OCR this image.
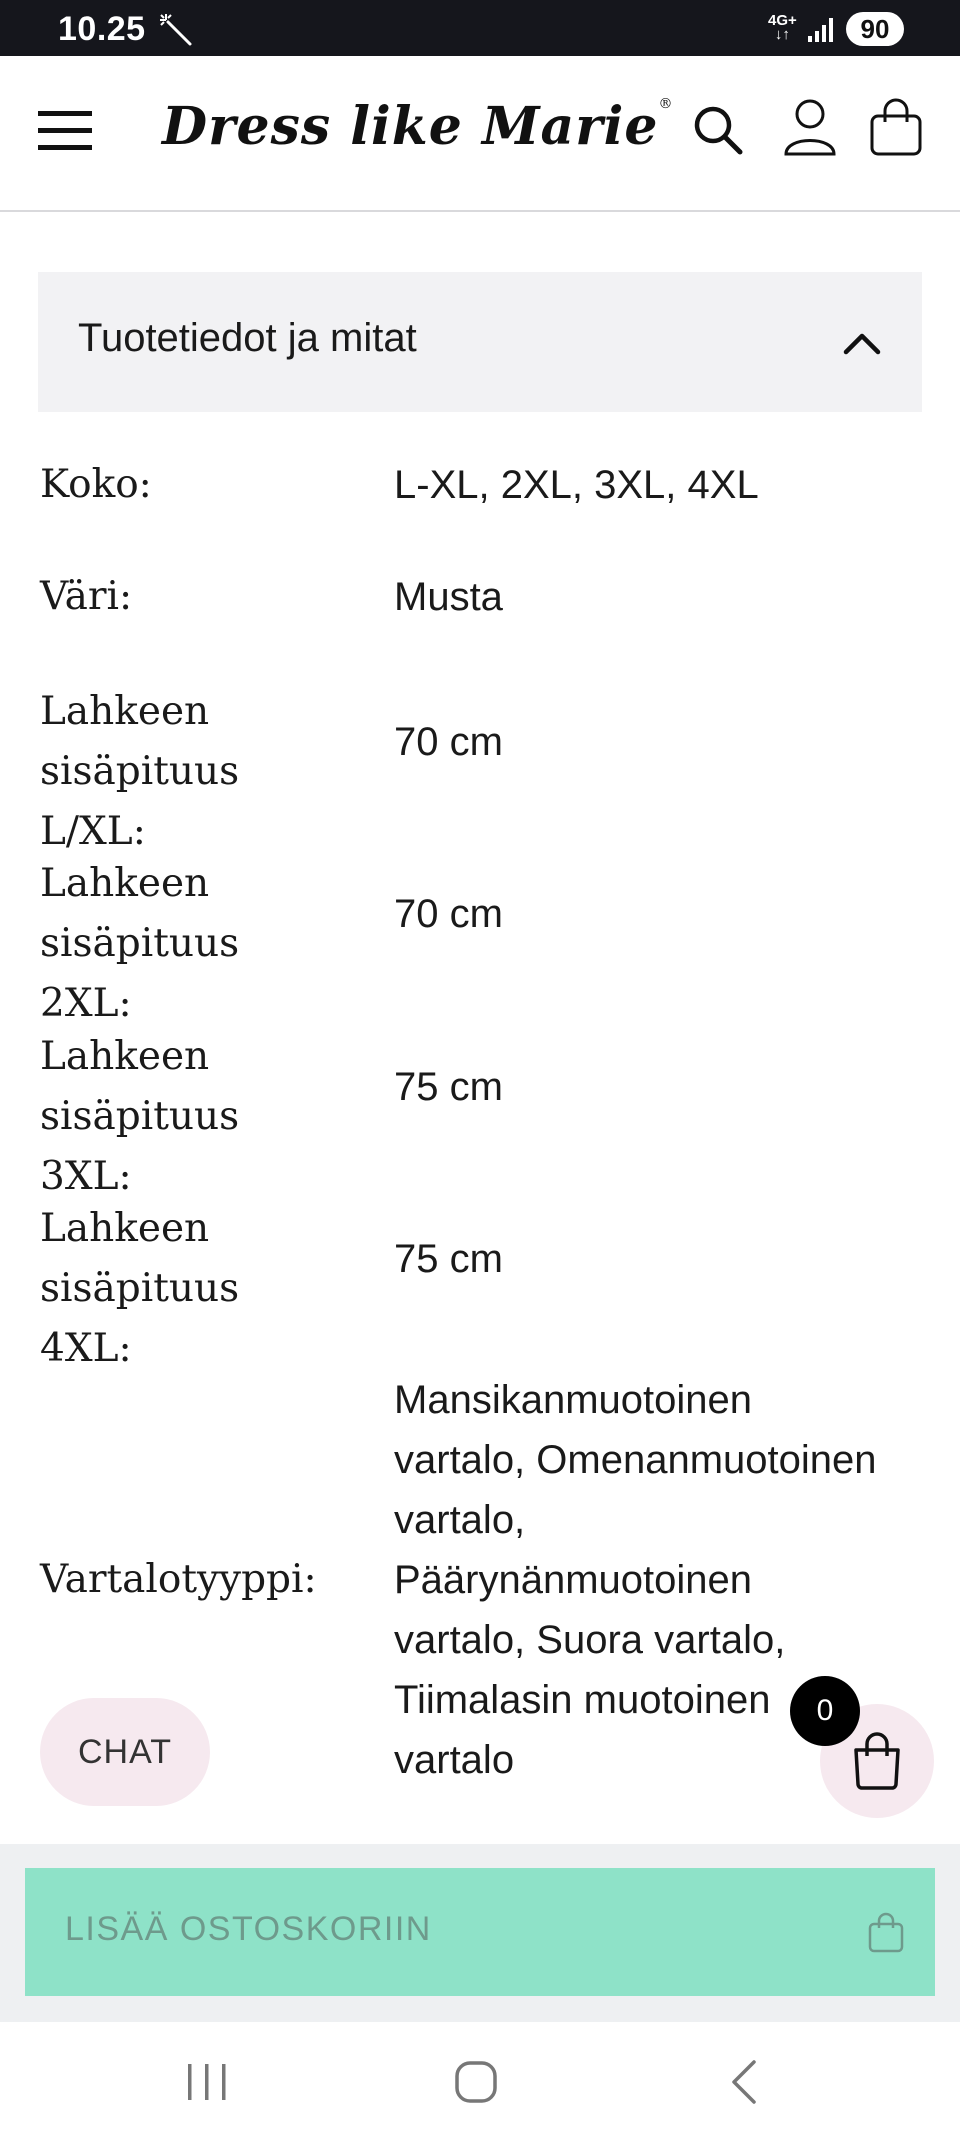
10.25	4G+
↓↑	90
Dress like Marie®
Tuotetiedot ja mitat
Koko:	L-XL, 2XL, 3XL, 4XL
Väri:	Musta
Lahkeen sisäpituus
L/XL:
70 cm
Lahkeen sisäpituus
2XL:
70 cm
Lahkeen sisäpituus
3XL:
75 cm
Lahkeen sisäpituus
4XL:
75 cm
Vartalotyyppi:
Mansikanmuotoinen
vartalo, Omenanmuotoinen
vartalo,
Päärynänmuotoinen
vartalo, Suora vartalo,
Tiimalasin muotoinen
vartalo
CHAT
0
LISÄÄ OSTOSKORIIN
